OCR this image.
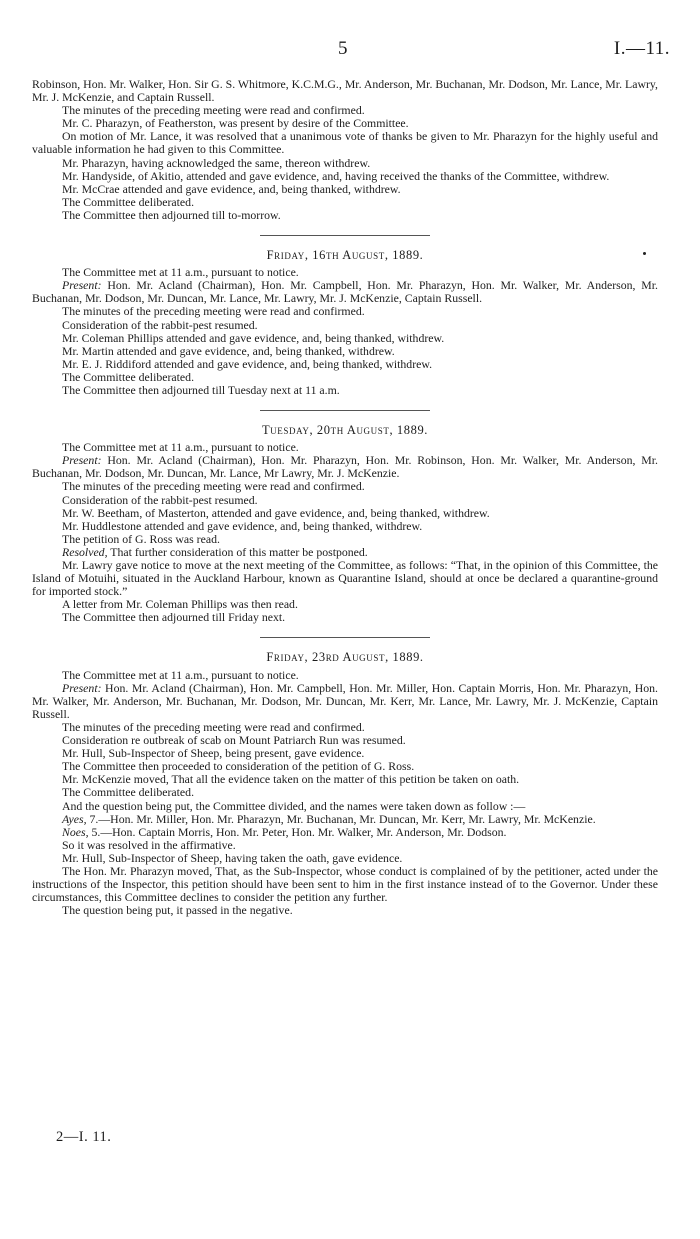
5	I.—11.

Robinson, Hon. Mr. Walker, Hon. Sir G. S. Whitmore, K.C.M.G., Mr. Anderson, Mr. Buchanan, Mr. Dodson, Mr. Lance, Mr. Lawry, Mr. J. McKenzie, and Captain Russell.

The minutes of the preceding meeting were read and confirmed.

Mr. C. Pharazyn, of Featherston, was present by desire of the Committee.

On motion of Mr. Lance, it was resolved that a unanimous vote of thanks be given to Mr. Pharazyn for the highly useful and valuable information he had given to this Committee.

Mr. Pharazyn, having acknowledged the same, thereon withdrew.

Mr. Handyside, of Akitio, attended and gave evidence, and, having received the thanks of the Committee, withdrew.

Mr. McCrae attended and gave evidence, and, being thanked, withdrew.

The Committee deliberated.

The Committee then adjourned till to-morrow.

Friday, 16th August, 1889.

The Committee met at 11 a.m., pursuant to notice.

Present: Hon. Mr. Acland (Chairman), Hon. Mr. Campbell, Hon. Mr. Pharazyn, Hon. Mr. Walker, Mr. Anderson, Mr. Buchanan, Mr. Dodson, Mr. Duncan, Mr. Lance, Mr. Lawry, Mr. J. McKenzie, Captain Russell.

The minutes of the preceding meeting were read and confirmed.

Consideration of the rabbit-pest resumed.

Mr. Coleman Phillips attended and gave evidence, and, being thanked, withdrew.

Mr. Martin attended and gave evidence, and, being thanked, withdrew.

Mr. E. J. Riddiford attended and gave evidence, and, being thanked, withdrew.

The Committee deliberated.

The Committee then adjourned till Tuesday next at 11 a.m.

Tuesday, 20th August, 1889.

The Committee met at 11 a.m., pursuant to notice.

Present: Hon. Mr. Acland (Chairman), Hon. Mr. Pharazyn, Hon. Mr. Robinson, Hon. Mr. Walker, Mr. Anderson, Mr. Buchanan, Mr. Dodson, Mr. Duncan, Mr. Lance, Mr Lawry, Mr. J. McKenzie.

The minutes of the preceding meeting were read and confirmed.

Consideration of the rabbit-pest resumed.

Mr. W. Beetham, of Masterton, attended and gave evidence, and, being thanked, withdrew.

Mr. Huddlestone attended and gave evidence, and, being thanked, withdrew.

The petition of G. Ross was read.

Resolved, That further consideration of this matter be postponed.

Mr. Lawry gave notice to move at the next meeting of the Committee, as follows: “That, in the opinion of this Committee, the Island of Motuihi, situated in the Auckland Harbour, known as Quarantine Island, should at once be declared a quarantine-ground for imported stock.”

A letter from Mr. Coleman Phillips was then read.

The Committee then adjourned till Friday next.

Friday, 23rd August, 1889.

The Committee met at 11 a.m., pursuant to notice.

Present: Hon. Mr. Acland (Chairman), Hon. Mr. Campbell, Hon. Mr. Miller, Hon. Captain Morris, Hon. Mr. Pharazyn, Hon. Mr. Walker, Mr. Anderson, Mr. Buchanan, Mr. Dodson, Mr. Duncan, Mr. Kerr, Mr. Lance, Mr. Lawry, Mr. J. McKenzie, Captain Russell.

The minutes of the preceding meeting were read and confirmed.

Consideration re outbreak of scab on Mount Patriarch Run was resumed.

Mr. Hull, Sub-Inspector of Sheep, being present, gave evidence.

The Committee then proceeded to consideration of the petition of G. Ross.

Mr. McKenzie moved, That all the evidence taken on the matter of this petition be taken on oath.

The Committee deliberated.

And the question being put, the Committee divided, and the names were taken down as follow :—

Ayes, 7.—Hon. Mr. Miller, Hon. Mr. Pharazyn, Mr. Buchanan, Mr. Duncan, Mr. Kerr, Mr. Lawry, Mr. McKenzie.

Noes, 5.—Hon. Captain Morris, Hon. Mr. Peter, Hon. Mr. Walker, Mr. Anderson, Mr. Dodson.

So it was resolved in the affirmative.

Mr. Hull, Sub-Inspector of Sheep, having taken the oath, gave evidence.

The Hon. Mr. Pharazyn moved, That, as the Sub-Inspector, whose conduct is complained of by the petitioner, acted under the instructions of the Inspector, this petition should have been sent to him in the first instance instead of to the Governor. Under these circumstances, this Committee declines to consider the petition any further.

The question being put, it passed in the negative.

2—I. 11.
